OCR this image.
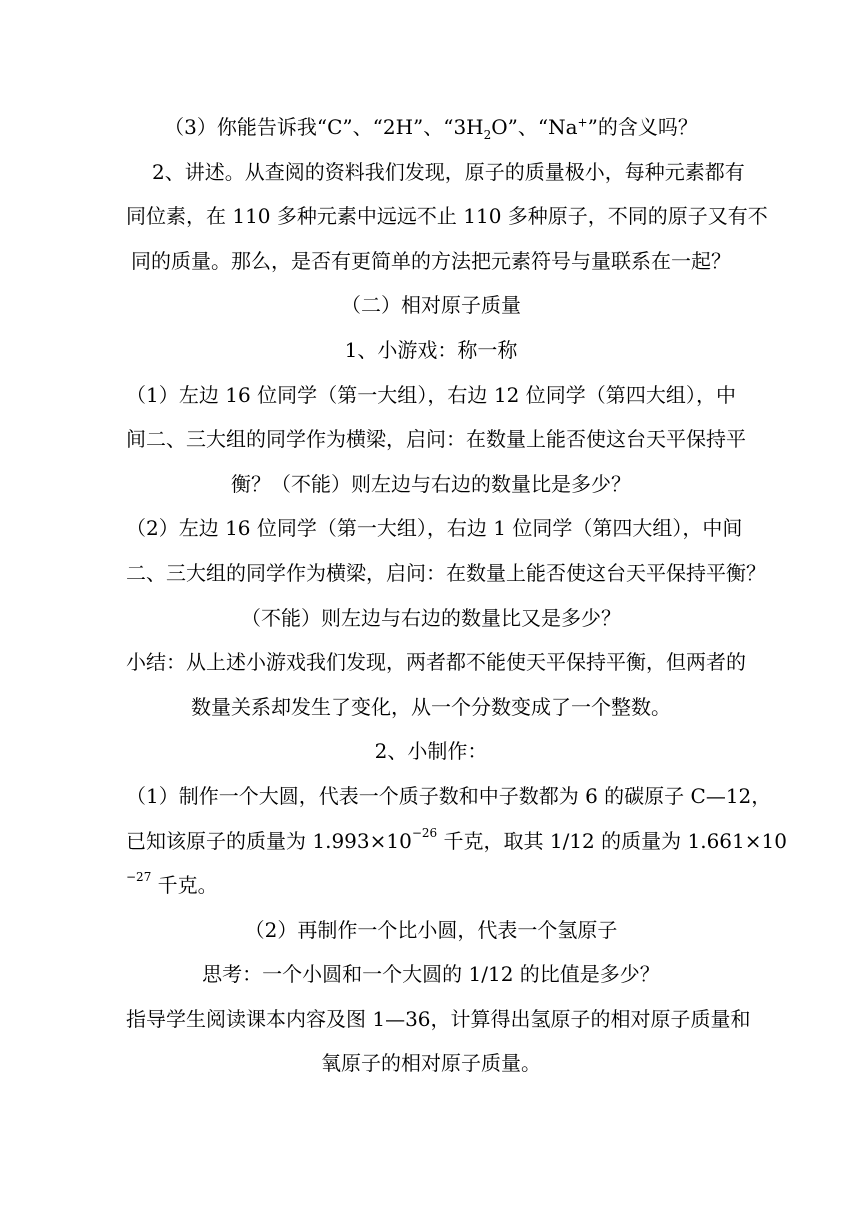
（3）你能告诉我“C”、“2H”、“$3H_2O$”、“Na+”的含义吗？
2、讲述。从查阅的资料我们发现，原子的质量极小，每种元素都有
同位素，在 110 多种元素中远远不止 110 多种原子，不同的原子又有不
同的质量。那么，是否有更简单的方法把元素符号与量联系在一起？
（二）相对原子质量
1、小游戏：称一称
（1）左边 16 位同学（第一大组），右边 12 位同学（第四大组），中
间二、三大组的同学作为横梁，启问：在数量上能否使这台天平保持平
衡？（不能）则左边与右边的数量比是多少？
（2）左边 16 位同学（第一大组），右边 1 位同学（第四大组），中间
二、三大组的同学作为横梁，启问：在数量上能否使这台天平保持平衡？
（不能）则左边与右边的数量比又是多少？
小结：从上述小游戏我们发现，两者都不能使天平保持平衡，但两者的
数量关系却发生了变化，从一个分数变成了一个整数。
2、小制作：
（1）制作一个大圆，代表一个质子数和中子数都为 6 的碳原子 C—12，
已知该原子的质量为 $1.993\times 10^{-26}$ 千克，取其 1/12 的质量为 1.661×10
$^{-27}$ 千克。
（2）再制作一个比小圆，代表一个氢原子
思考：一个小圆和一个大圆的 1/12 的比值是多少？
指导学生阅读课本内容及图 1—36，计算得出氢原子的相对原子质量和
氧原子的相对原子质量。
